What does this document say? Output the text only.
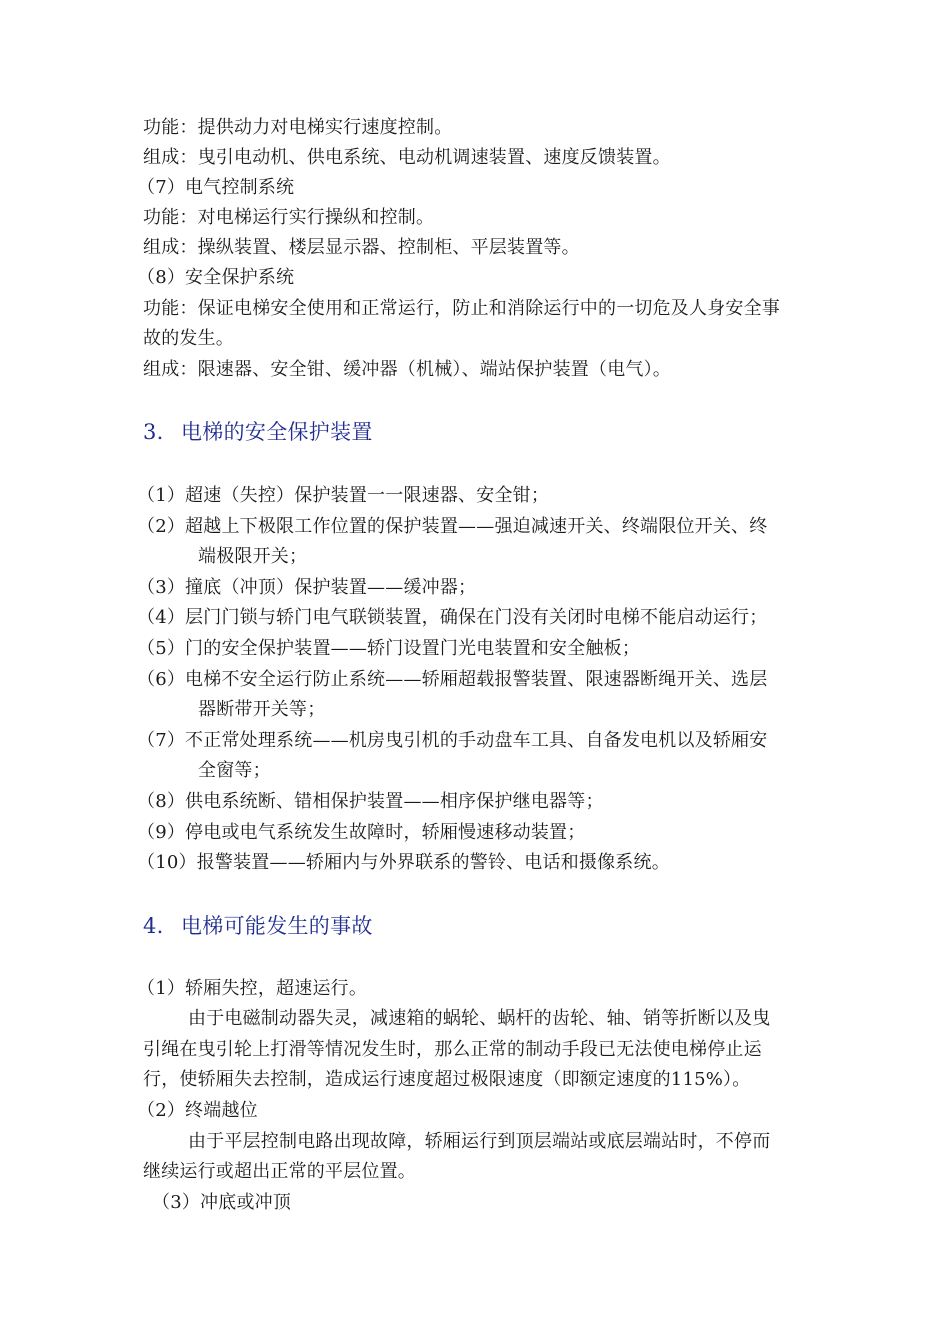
功能：提供动力对电梯实行速度控制。
组成：曳引电动机、供电系统、电动机调速装置、速度反馈装置。
（7）电气控制系统
功能：对电梯运行实行操纵和控制。
组成：操纵装置、楼层显示器、控制柜、平层装置等。
（8）安全保护系统
功能：保证电梯安全使用和正常运行，防止和消除运行中的一切危及人身安全事
故的发生。
组成：限速器、安全钳、缓冲器（机械）、端站保护装置（电气）。
3. 电梯的安全保护装置
（1）超速（失控）保护装置一一限速器、安全钳；
（2）超越上下极限工作位置的保护装置——强迫减速开关、终端限位开关、终
端极限开关；
（3）撞底（冲顶）保护装置——缓冲器；
（4）层门门锁与轿门电气联锁装置，确保在门没有关闭时电梯不能启动运行；
（5）门的安全保护装置——轿门设置门光电装置和安全触板；
（6）电梯不安全运行防止系统——轿厢超载报警装置、限速器断绳开关、选层
器断带开关等；
（7）不正常处理系统——机房曳引机的手动盘车工具、自备发电机以及轿厢安
全窗等；
（8）供电系统断、错相保护装置——相序保护继电器等；
（9）停电或电气系统发生故障时，轿厢慢速移动装置；
（10）报警装置——轿厢内与外界联系的警铃、电话和摄像系统。
4. 电梯可能发生的事故
（1）轿厢失控，超速运行。
由于电磁制动器失灵，减速箱的蜗轮、蜗杆的齿轮、轴、销等折断以及曳
引绳在曳引轮上打滑等情况发生时，那么正常的制动手段已无法使电梯停止运
行，使轿厢失去控制，造成运行速度超过极限速度（即额定速度的115%）。
（2）终端越位
由于平层控制电路出现故障，轿厢运行到顶层端站或底层端站时，不停而
继续运行或超出正常的平层位置。
（3）冲底或冲顶
